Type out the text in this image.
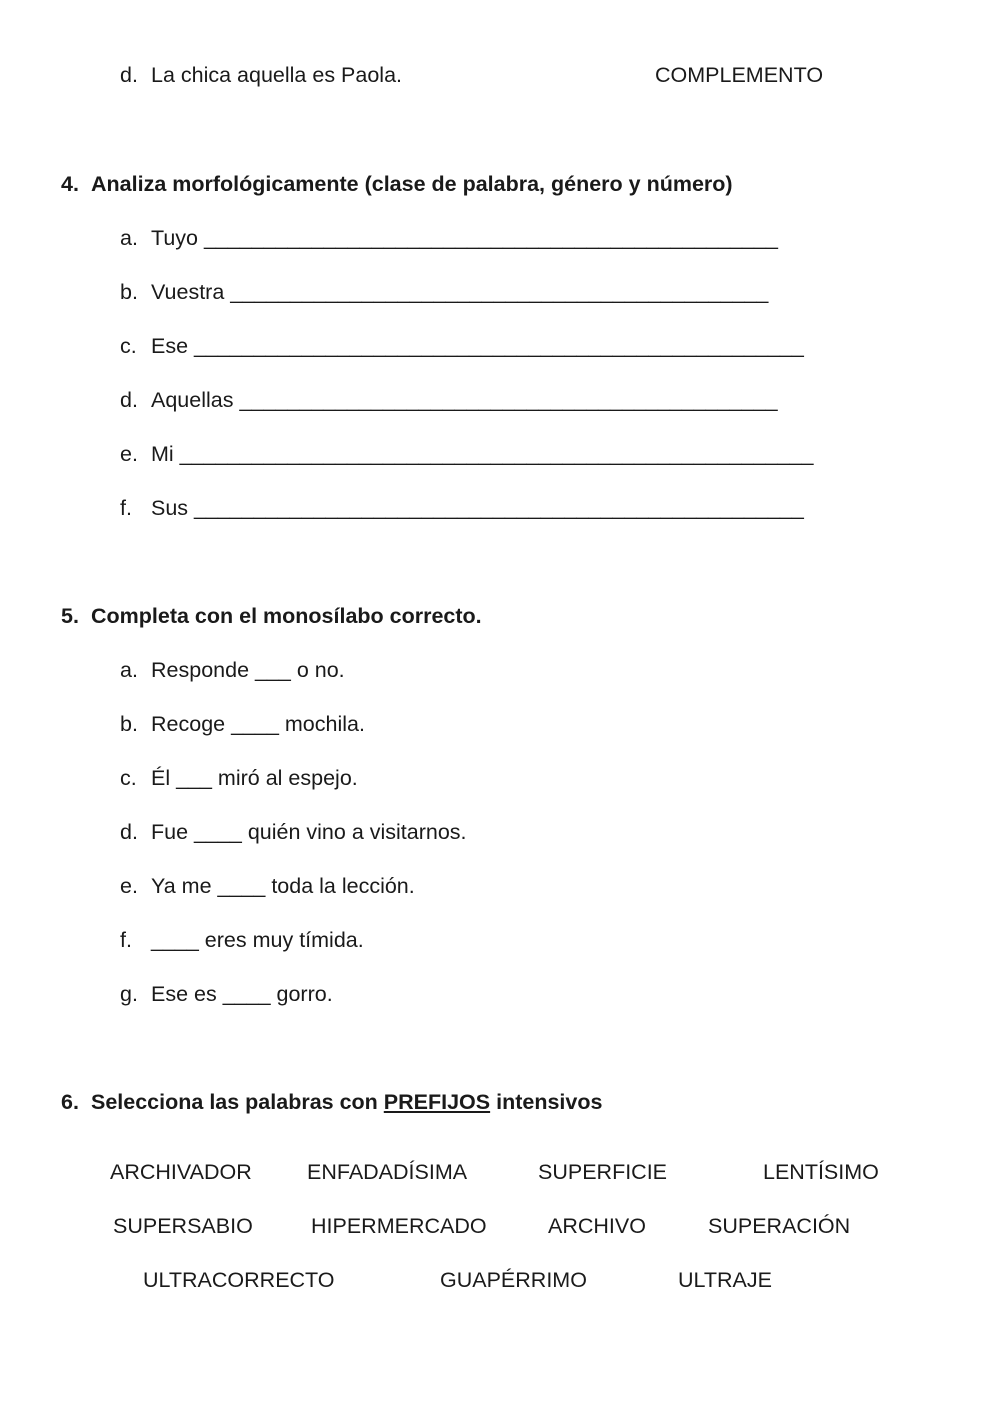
d. La chica aquella es Paola.	COMPLEMENTO
4. Analiza morfológicamente (clase de palabra, género y número)
a. Tuyo ________________________________________________
b. Vuestra _____________________________________________
c. Ese ___________________________________________________
d. Aquellas _____________________________________________
e. Mi _____________________________________________________
f. Sus ___________________________________________________
5. Completa con el monosílabo correcto.
a. Responde ___ o no.
b. Recoge ____ mochila.
c. Él ___ miró al espejo.
d. Fue ____ quién vino a visitarnos.
e. Ya me ____ toda la lección.
f. ____ eres muy tímida.
g. Ese es ____ gorro.
6. Selecciona las palabras con PREFIJOS intensivos
ARCHIVADOR	ENFADADÍSIMA	SUPERFICIE	LENTÍSIMO
SUPERSABIO	HIPERMERCADO	ARCHIVO	SUPERACIÓN
ULTRACORRECTO	GUAPÉRRIMO	ULTRAJE
